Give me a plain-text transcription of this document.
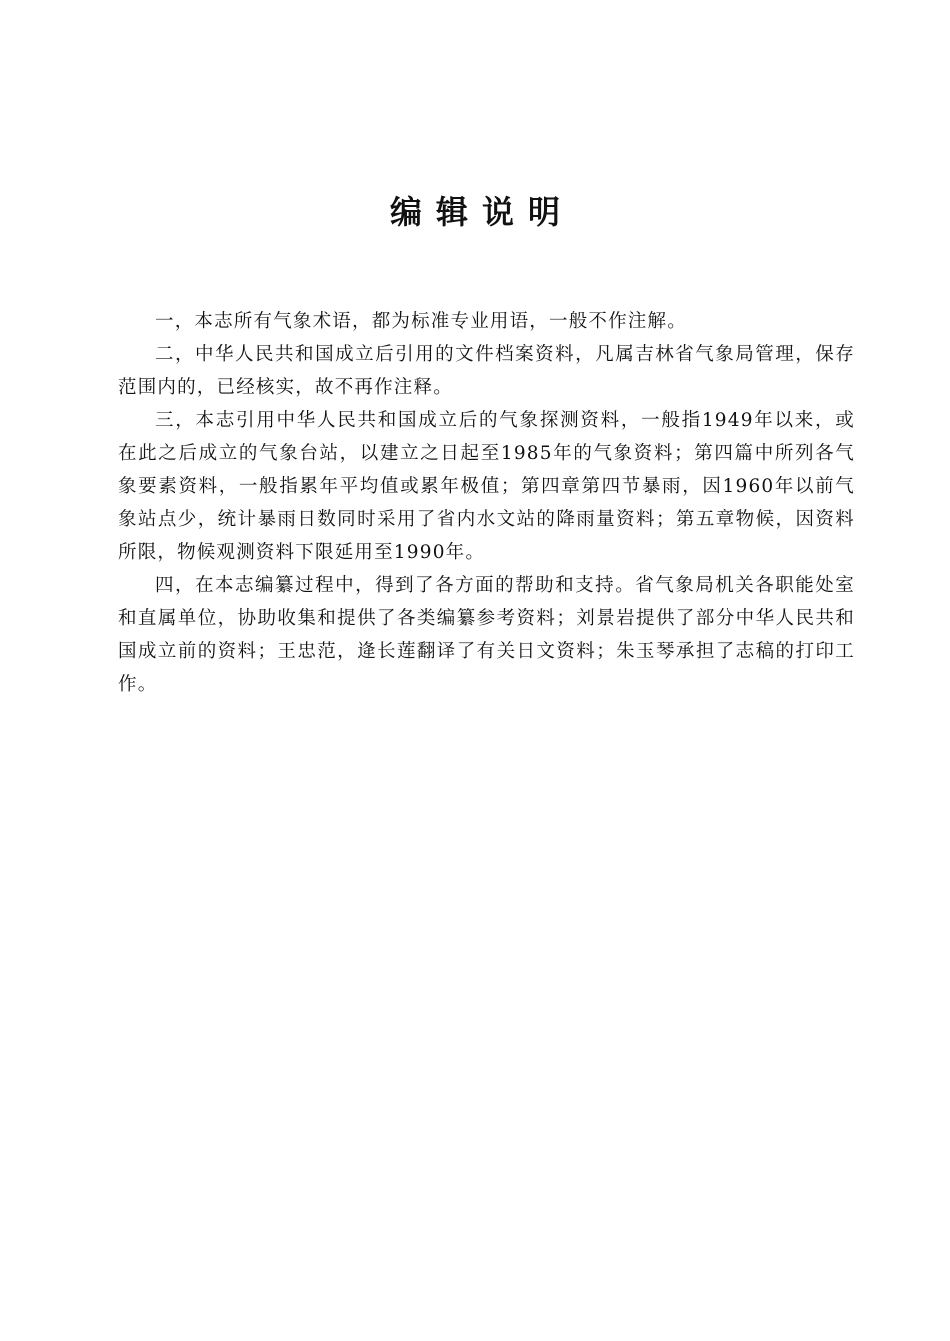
编辑说明

一，本志所有气象术语，都为标准专业用语，一般不作注解。

二，中华人民共和国成立后引用的文件档案资料，凡属吉林省气象局管理，保存范围内的，已经核实，故不再作注释。

三，本志引用中华人民共和国成立后的气象探测资料，一般指1949年以来，或在此之后成立的气象台站，以建立之日起至1985年的气象资料；第四篇中所列各气象要素资料，一般指累年平均值或累年极值；第四章第四节暴雨，因1960年以前气象站点少，统计暴雨日数同时采用了省内水文站的降雨量资料；第五章物候，因资料所限，物候观测资料下限延用至1990年。

四，在本志编纂过程中，得到了各方面的帮助和支持。省气象局机关各职能处室和直属单位，协助收集和提供了各类编纂参考资料；刘景岩提供了部分中华人民共和国成立前的资料；王忠范，逄长莲翻译了有关日文资料；朱玉琴承担了志稿的打印工作。
